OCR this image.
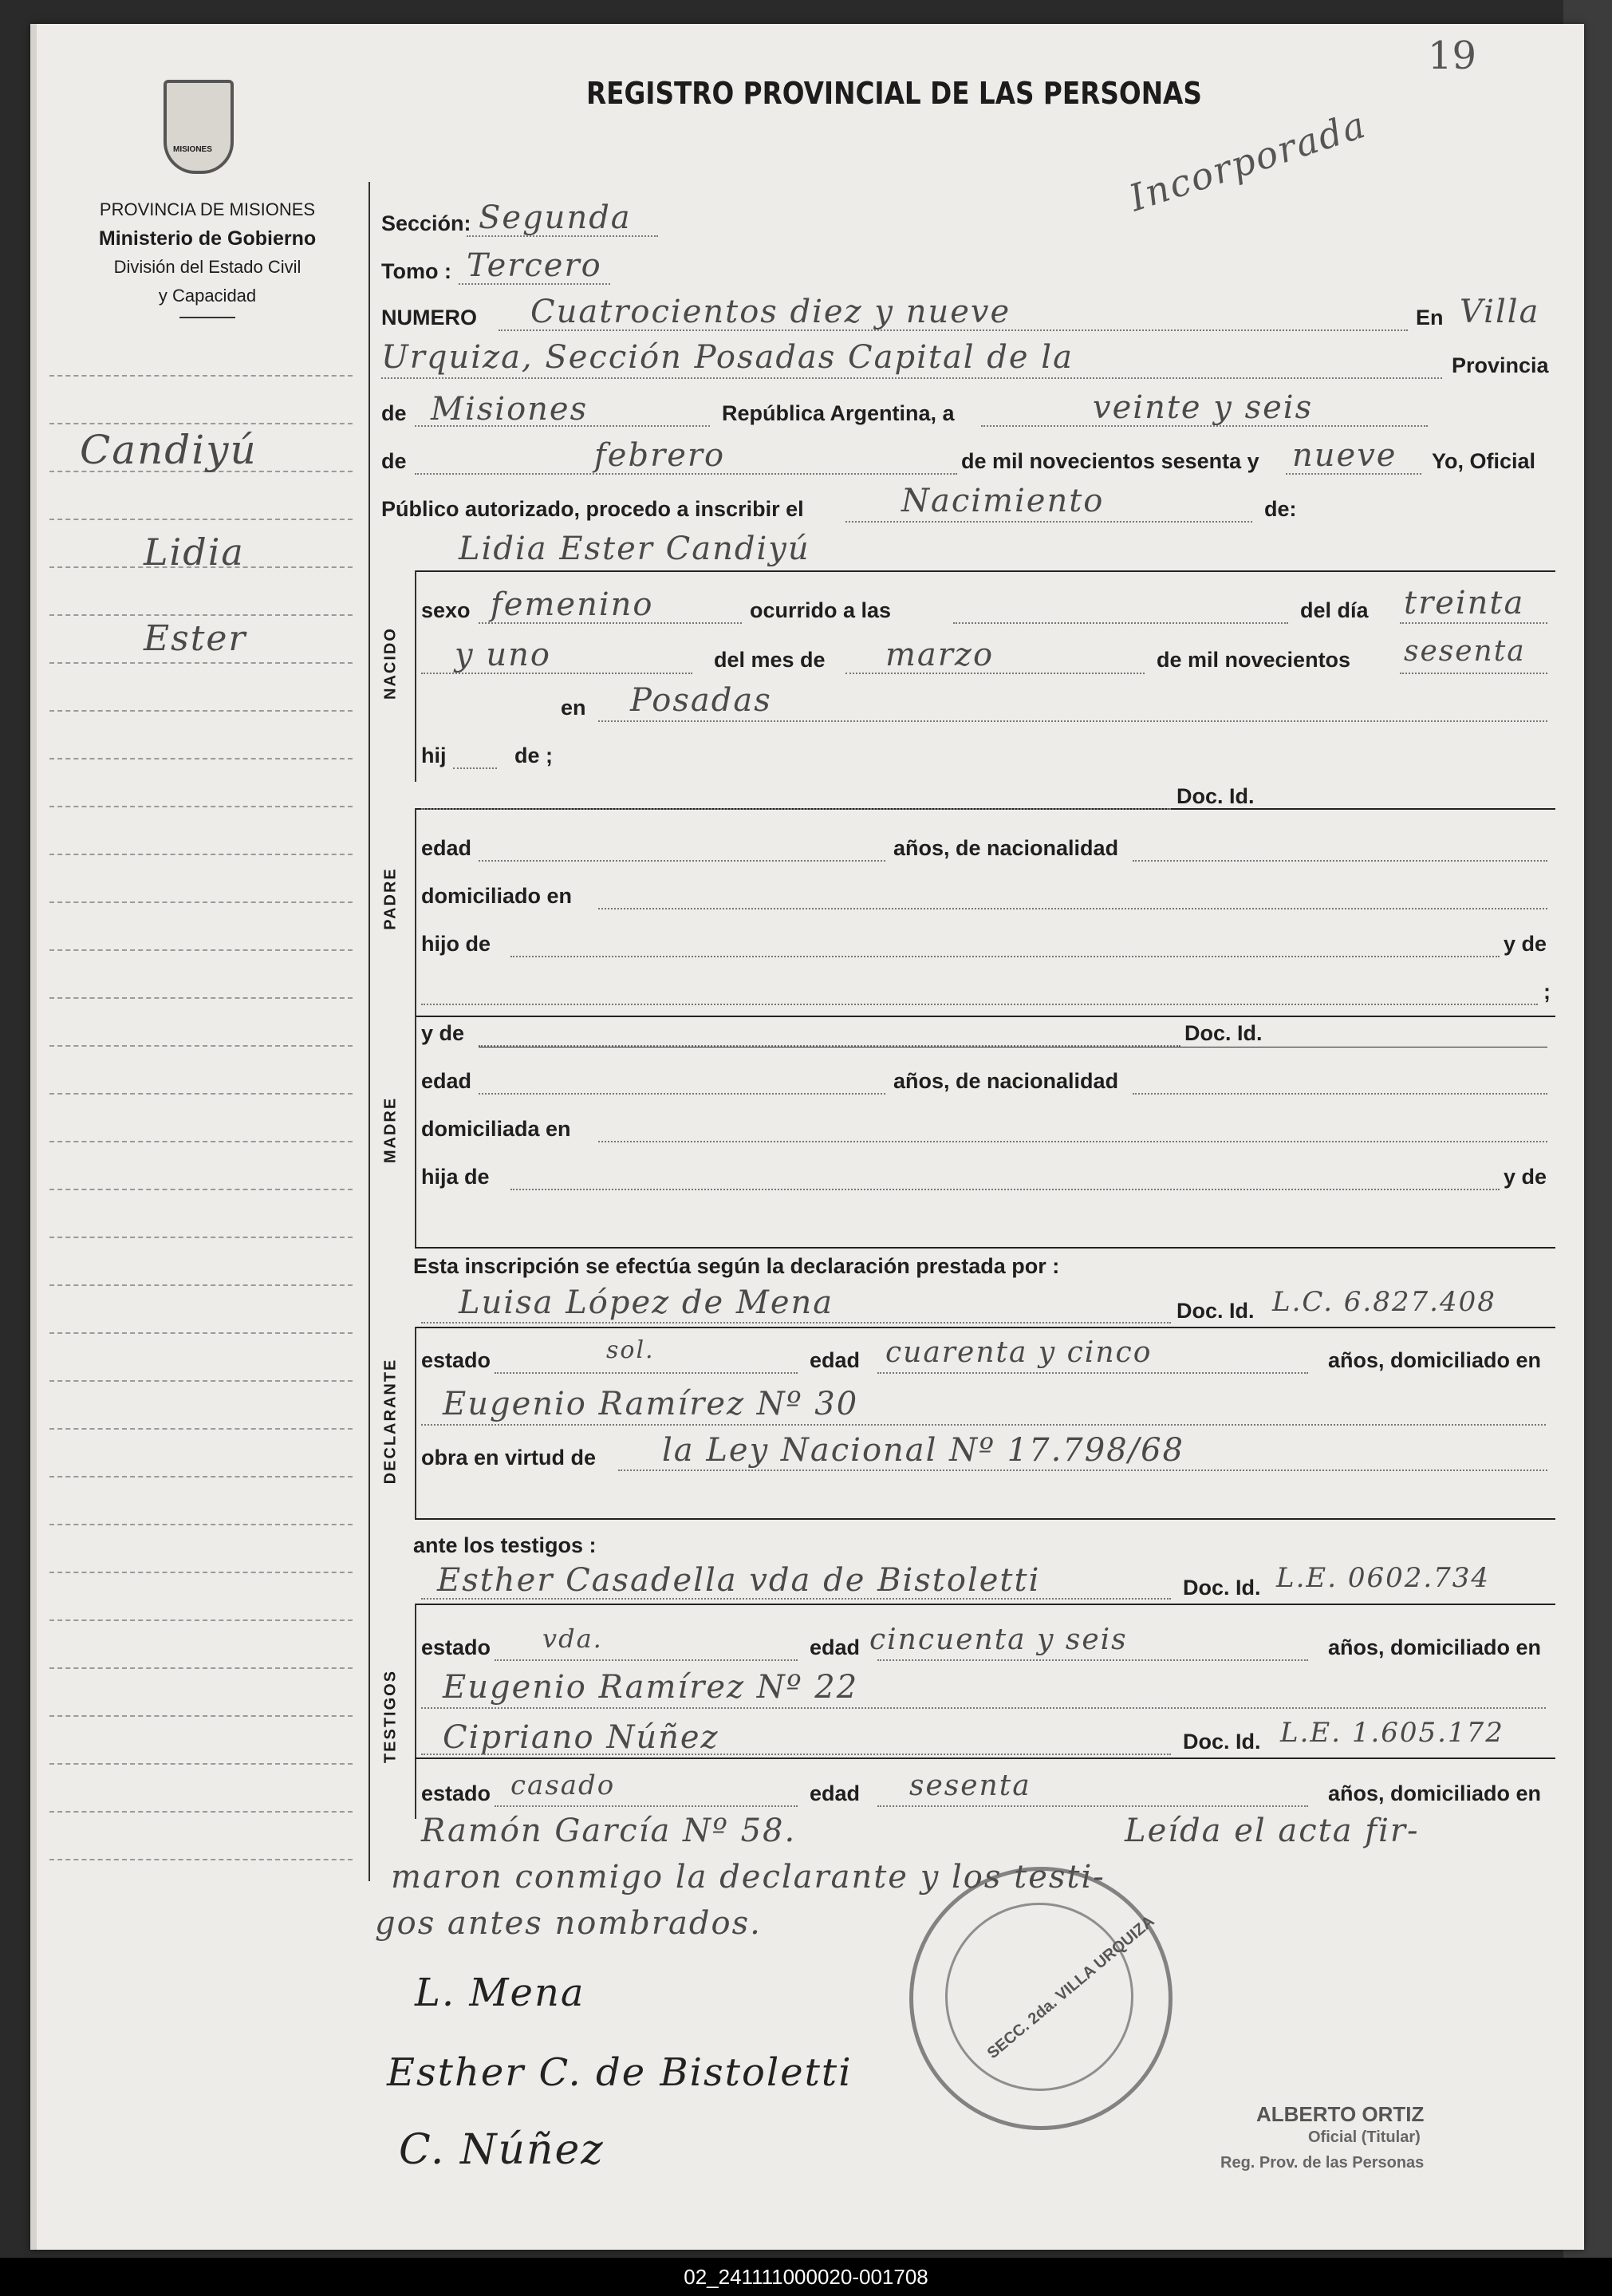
MISIONES
PROVINCIA DE MISIONES
Ministerio de Gobierno
División del Estado Civil
y Capacidad
REGISTRO PROVINCIAL DE LAS PERSONAS
19
Incorporada
Candiyú
Lidia
Ester
Sección: Segunda
Tomo : Tercero
NUMERO Cuatrocientos diez y nueve	En Villa
Urquiza, Sección Posadas Capital de la	Provincia
de Misiones	República Argentina, a	veinte y seis
de	febrero	de mil novecientos sesenta y nueve Yo, Oficial
Público autorizado, procedo a inscribir el	Nacimiento	de:
Lidia Ester Candiyú
NACIDO
sexo femenino	ocurrido a las	del día treinta
y uno	del mes de marzo	de mil novecientos sesenta
en Posadas
hij	de ;
PADRE
Doc. Id.
edad	años, de nacionalidad
domiciliado en
hijo de	y de
;
MADRE
y de	Doc. Id.
edad	años, de nacionalidad
domiciliada en
hija de	y de
Esta inscripción se efectúa según la declaración prestada por :
Luisa López de Mena	Doc. Id. L.C. 6.827.408
DECLARANTE estado	sol.	edad cuarenta y cinco	años, domiciliado en
Eugenio Ramírez Nº 30
obra en virtud de la Ley Nacional Nº 17.798/68
ante los testigos :
Esther Casadella vda de Bistoletti	Doc. Id. L.E. 0602.734
TESTIGOS
estado vda.	edad cincuenta y seis	años, domiciliado en
Eugenio Ramírez Nº 22
Cipriano Núñez	Doc. Id. L.E. 1.605.172
estado casado	edad sesenta	años, domiciliado en
Ramón García Nº 58.	Leída el acta fir-
maron conmigo la declarante y los testi-
gos antes nombrados.
L. Mena
Esther C. de Bistoletti
C. Núñez
SECC. 2da. VILLA URQUIZA
ALBERTO ORTIZ
Oficial (Titular)
Reg. Prov. de las Personas
02_241111000020-001708
